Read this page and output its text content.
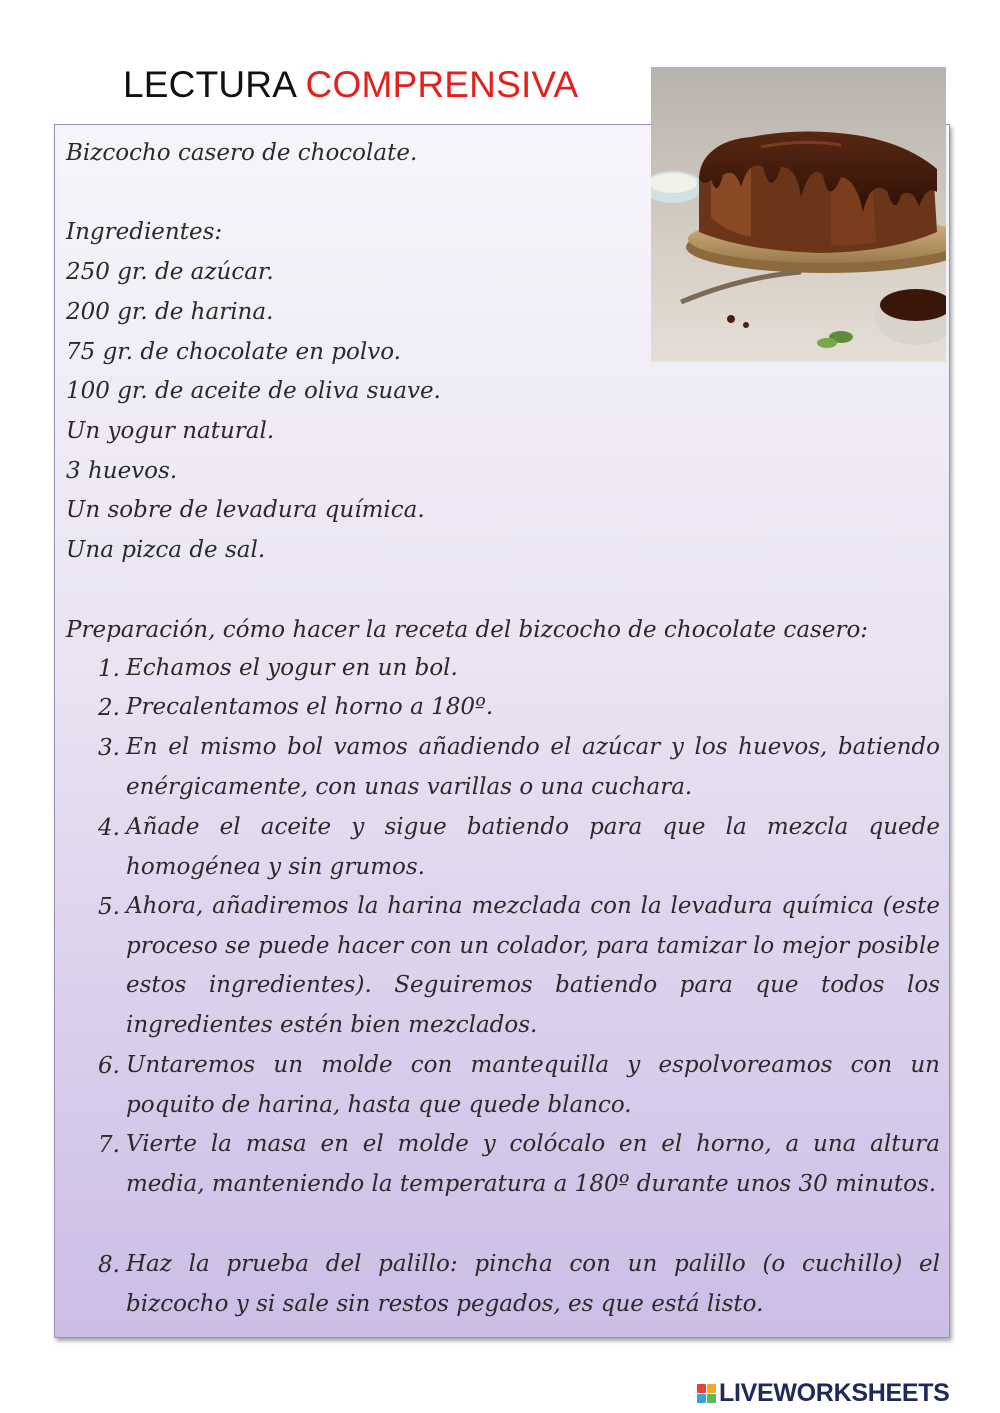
LECTURA COMPRENSIVA
Bizcocho casero de chocolate.
Ingredientes:
250 gr. de azúcar.
200 gr. de harina.
75 gr. de chocolate en polvo.
100 gr. de aceite de oliva suave.
Un yogur natural.
3 huevos.
Un sobre de levadura química.
Una pizca de sal.
Preparación, cómo hacer la receta del bizcocho de chocolate casero:
1. Echamos el yogur en un bol.
2. Precalentamos el horno a 180º.
3. En el mismo bol vamos añadiendo el azúcar y los huevos, batiendo enérgicamente, con unas varillas o una cuchara.
4. Añade el aceite y sigue batiendo para que la mezcla quede homogénea y sin grumos.
5. Ahora, añadiremos la harina mezclada con la levadura química (este proceso se puede hacer con un colador, para tamizar lo mejor posible estos ingredientes). Seguiremos batiendo para que todos los ingredientes estén bien mezclados.
6. Untaremos un molde con mantequilla y espolvoreamos con un poquito de harina, hasta que quede blanco.
7. Vierte la masa en el molde y colócalo en el horno, a una altura media, manteniendo la temperatura a 180º durante unos 30 minutos.
8. Haz la prueba del palillo: pincha con un palillo (o cuchillo) el bizcocho y si sale sin restos pegados, es que está listo.
LIVEWORKSHEETS
